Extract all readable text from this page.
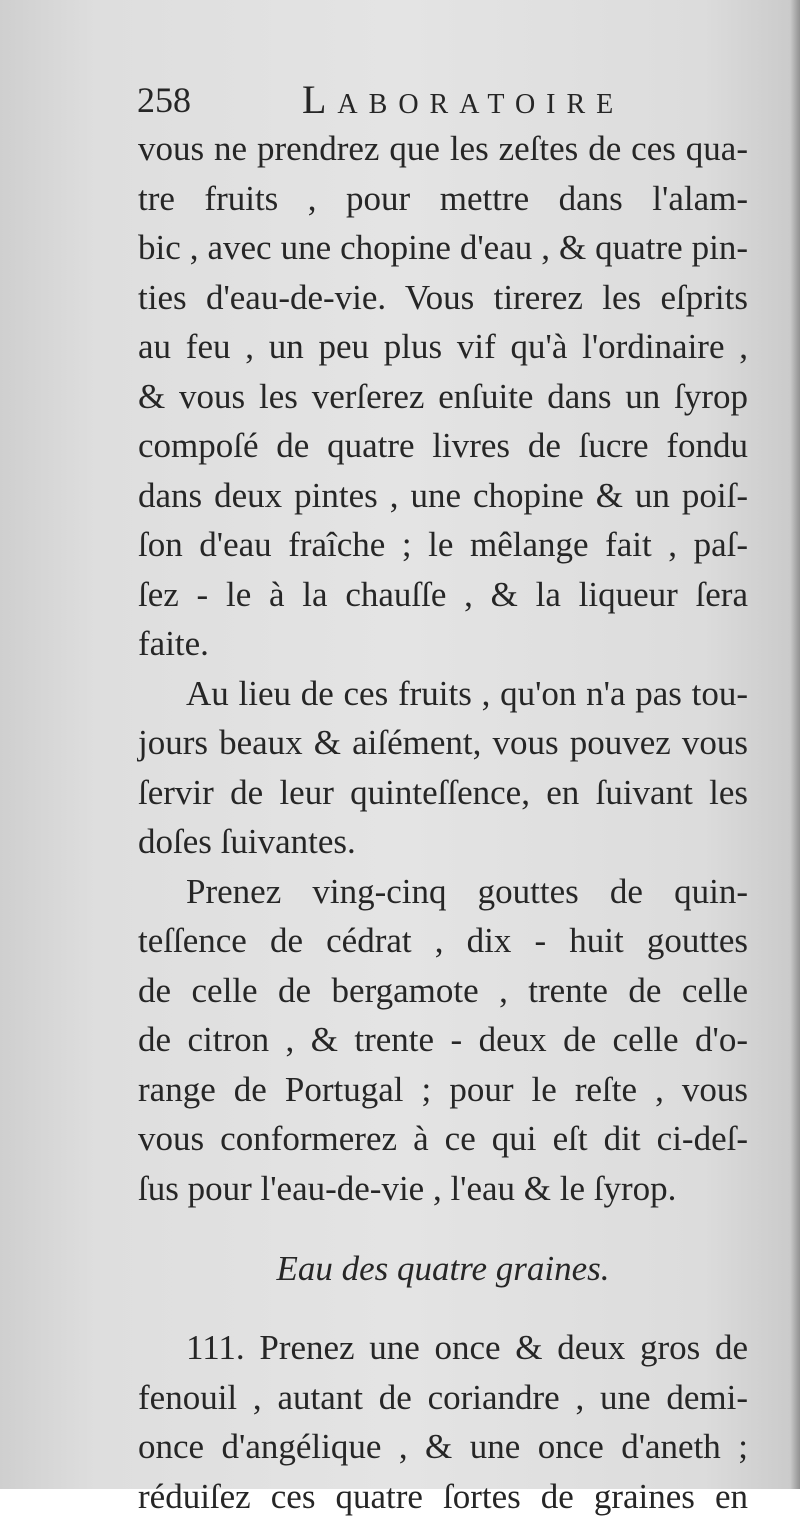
258	Laboratoire
vous ne prendrez que les zeſtes de ces qua-
tre fruits , pour mettre dans l'alam-
bic , avec une chopine d'eau , & quatre pin-
ties d'eau-de-vie. Vous tirerez les eſprits
au feu , un peu plus vif qu'à l'ordinaire ,
& vous les verſerez enſuite dans un ſyrop
compoſé de quatre livres de ſucre fondu
dans deux pintes , une chopine & un poiſ-
ſon d'eau fraîche ; le mêlange fait , paſ-
ſez - le à la chauſſe , & la liqueur ſera
faite.
Au lieu de ces fruits , qu'on n'a pas tou-
jours beaux & aiſément, vous pouvez vous
ſervir de leur quinteſſence, en ſuivant les
doſes ſuivantes.
Prenez ving-cinq gouttes de quin-
teſſence de cédrat , dix - huit gouttes
de celle de bergamote , trente de celle
de citron , & trente - deux de celle d'o-
range de Portugal ; pour le reſte , vous
vous conformerez à ce qui eſt dit ci-deſ-
ſus pour l'eau-de-vie , l'eau & le ſyrop.
Eau des quatre graines.
111. Prenez une once & deux gros de
fenouil , autant de coriandre , une demi-
once d'angélique , & une once d'aneth ;
réduiſez ces quatre ſortes de graines en
